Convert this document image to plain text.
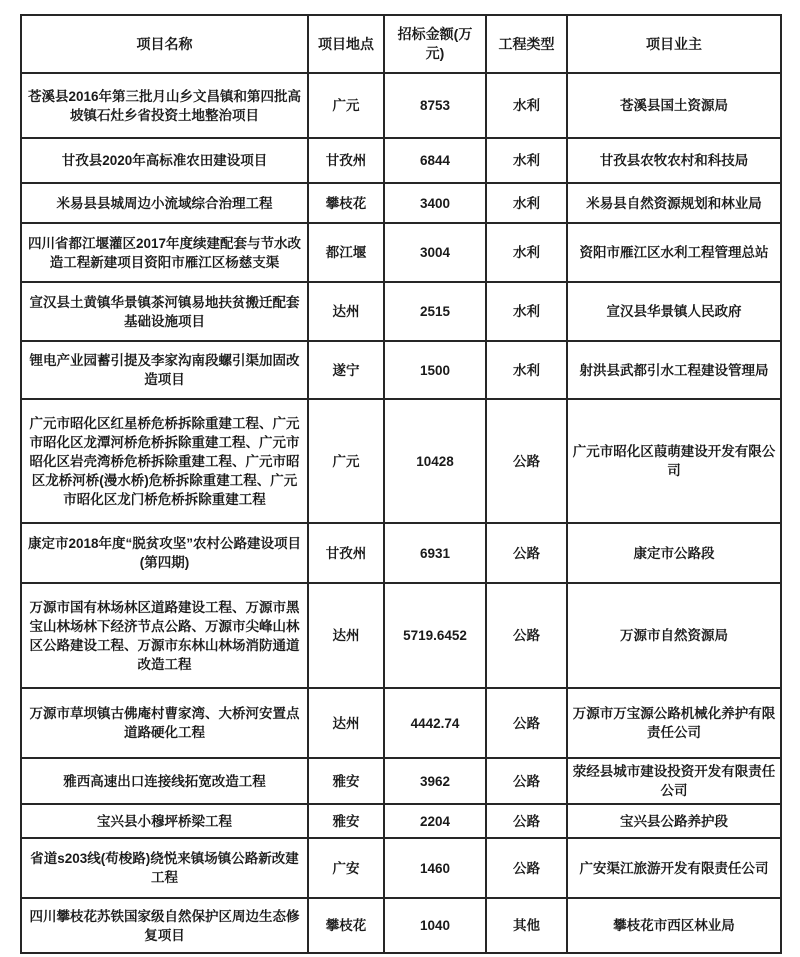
项目名称	项目地点	招标金额(万元)	工程类型	项目业主
苍溪县2016年第三批月山乡文昌镇和第四批高坡镇石灶乡省投资土地整治项目	广元	8753	水利	苍溪县国土资源局
甘孜县2020年高标准农田建设项目	甘孜州	6844	水利	甘孜县农牧农村和科技局
米易县县城周边小流域综合治理工程	攀枝花	3400	水利	米易县自然资源规划和林业局
四川省都江堰灌区2017年度续建配套与节水改造工程新建项目资阳市雁江区杨慈支渠	都江堰	3004	水利	资阳市雁江区水利工程管理总站
宣汉县土黄镇华景镇茶河镇易地扶贫搬迁配套基础设施项目	达州	2515	水利	宣汉县华景镇人民政府
锂电产业园蓄引提及李家沟南段螺引渠加固改造项目	遂宁	1500	水利	射洪县武都引水工程建设管理局
广元市昭化区红星桥危桥拆除重建工程、广元市昭化区龙潭河桥危桥拆除重建工程、广元市昭化区岩壳湾桥危桥拆除重建工程、广元市昭区龙桥河桥(漫水桥)危桥拆除重建工程、广元市昭化区龙门桥危桥拆除重建工程	广元	10428	公路	广元市昭化区葭萌建设开发有限公司
康定市2018年度“脱贫攻坚”农村公路建设项目(第四期)	甘孜州	6931	公路	康定市公路段
万源市国有林场林区道路建设工程、万源市黑宝山林场林下经济节点公路、万源市尖峰山林区公路建设工程、万源市东林山林场消防通道改造工程	达州	5719.6452	公路	万源市自然资源局
万源市草坝镇古佛庵村曹家湾、大桥河安置点道路硬化工程	达州	4442.74	公路	万源市万宝源公路机械化养护有限责任公司
雅西高速出口连接线拓宽改造工程	雅安	3962	公路	荥经县城市建设投资开发有限责任公司
宝兴县小穆坪桥梁工程	雅安	2204	公路	宝兴县公路养护段
省道s203线(苟梭路)绕悦来镇场镇公路新改建工程	广安	1460	公路	广安渠江旅游开发有限责任公司
四川攀枝花苏铁国家级自然保护区周边生态修复项目	攀枝花	1040	其他	攀枝花市西区林业局
